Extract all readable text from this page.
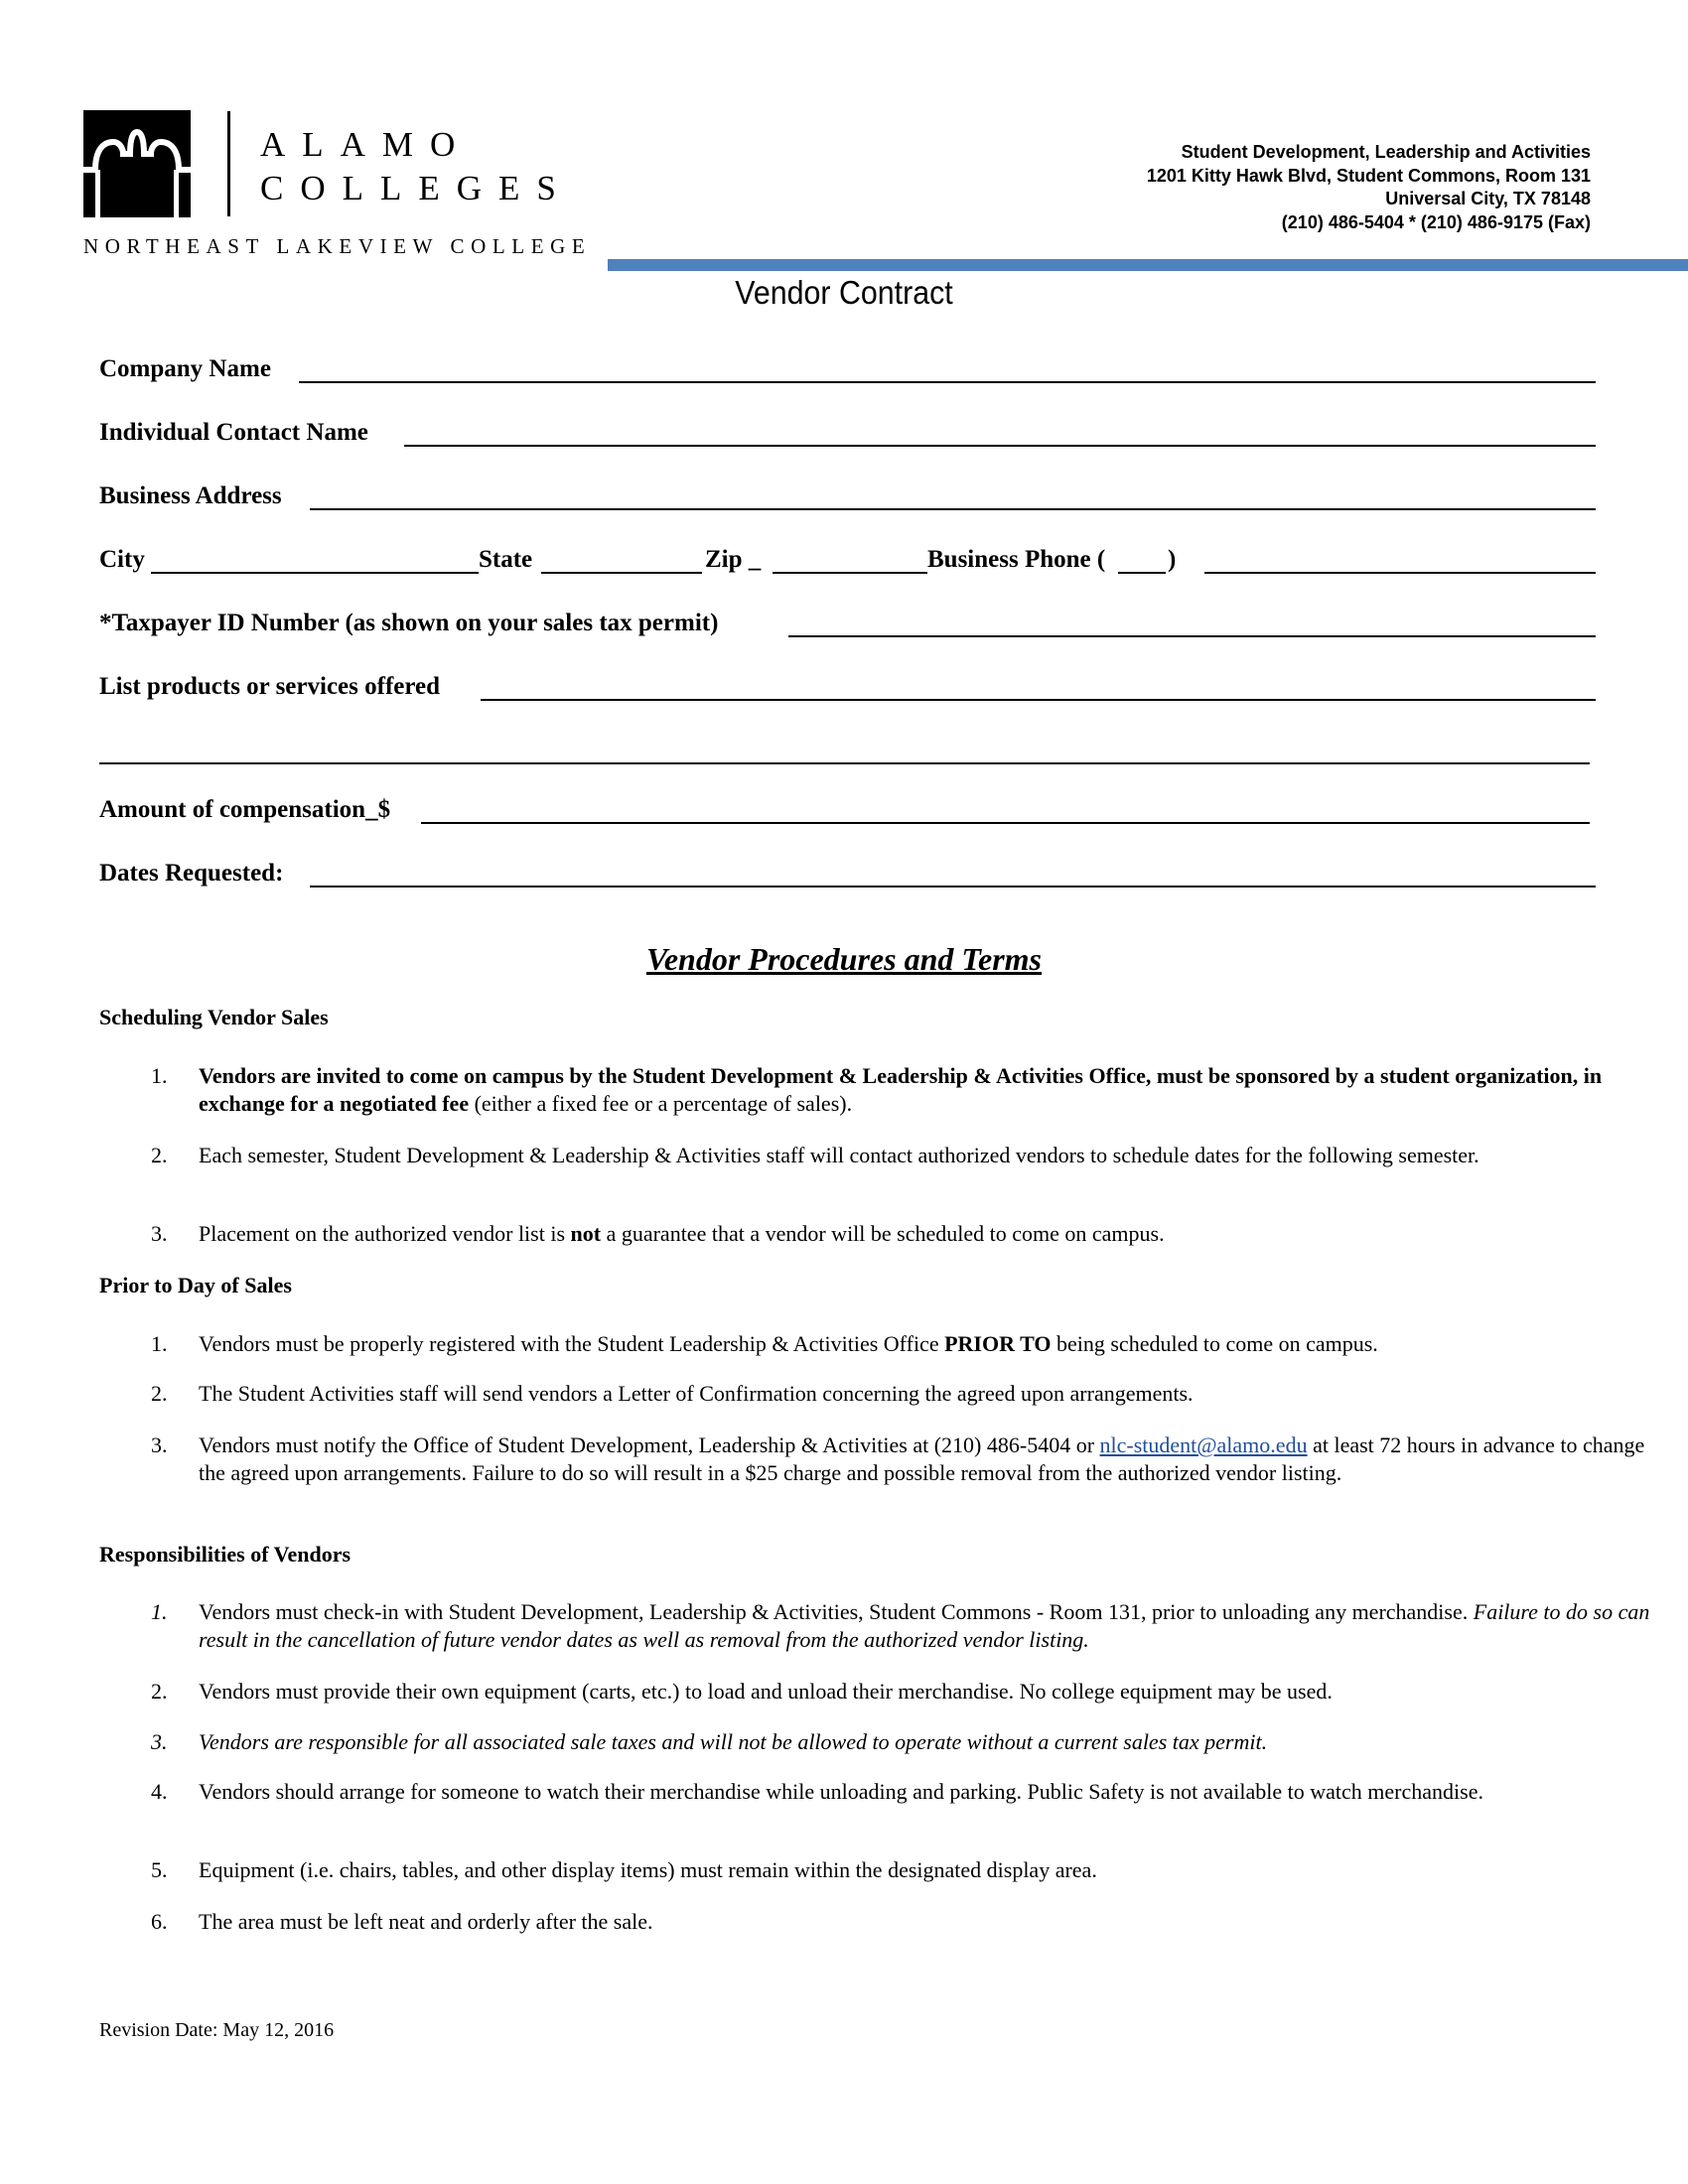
ALAMO
COLLEGES
NORTHEAST LAKEVIEW COLLEGE
Student Development, Leadership and Activities
1201 Kitty Hawk Blvd, Student Commons, Room 131
Universal City, TX 78148
(210) 486-5404 * (210) 486-9175 (Fax)
Vendor Contract
Company Name
Individual Contact Name
Business Address
City	State	Zip _	Business Phone (	)
*Taxpayer ID Number (as shown on your sales tax permit)
List products or services offered
Amount of compensation_$
Dates Requested:
Vendor Procedures and Terms
Scheduling Vendor Sales
1.	Vendors are invited to come on campus by the Student Development & Leadership & Activities Office, must be sponsored by a student organization, in exchange for a negotiated fee (either a fixed fee or a percentage of sales).
2.	Each semester, Student Development & Leadership & Activities staff will contact authorized vendors to schedule dates for the following semester.
3.	Placement on the authorized vendor list is not a guarantee that a vendor will be scheduled to come on campus.
Prior to Day of Sales
1.	Vendors must be properly registered with the Student Leadership & Activities Office PRIOR TO being scheduled to come on campus.
2.	The Student Activities staff will send vendors a Letter of Confirmation concerning the agreed upon arrangements.
3.	Vendors must notify the Office of Student Development, Leadership & Activities at (210) 486-5404 or nlc-student@alamo.edu at least 72 hours in advance to change the agreed upon arrangements. Failure to do so will result in a $25 charge and possible removal from the authorized vendor listing.
Responsibilities of Vendors
1.	Vendors must check-in with Student Development, Leadership & Activities, Student Commons - Room 131, prior to unloading any merchandise. Failure to do so can result in the cancellation of future vendor dates as well as removal from the authorized vendor listing.
2.	Vendors must provide their own equipment (carts, etc.) to load and unload their merchandise. No college equipment may be used.
3.	Vendors are responsible for all associated sale taxes and will not be allowed to operate without a current sales tax permit.
4.	Vendors should arrange for someone to watch their merchandise while unloading and parking. Public Safety is not available to watch merchandise.
5.	Equipment (i.e. chairs, tables, and other display items) must remain within the designated display area.
6.	The area must be left neat and orderly after the sale.
Revision Date: May 12, 2016
